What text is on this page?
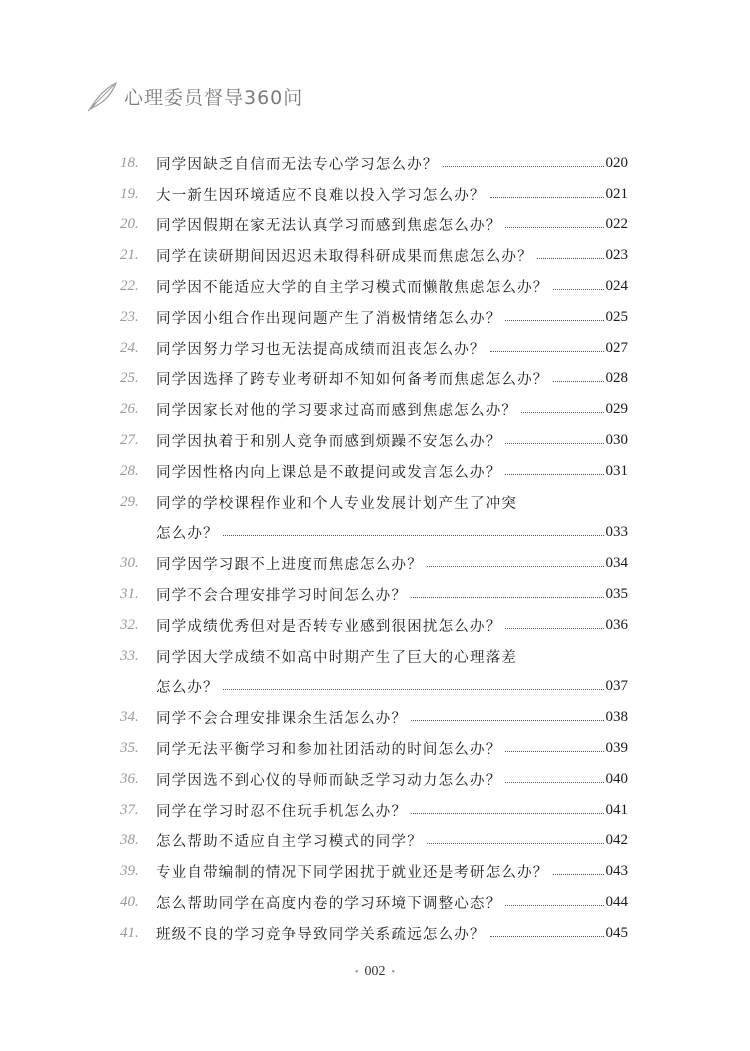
心理委员督导360问
18.	同学因缺乏自信而无法专心学习怎么办？	020
19.	大一新生因环境适应不良难以投入学习怎么办？	021
20.	同学因假期在家无法认真学习而感到焦虑怎么办？	022
21.	同学在读研期间因迟迟未取得科研成果而焦虑怎么办？	023
22.	同学因不能适应大学的自主学习模式而懒散焦虑怎么办？	024
23.	同学因小组合作出现问题产生了消极情绪怎么办？	025
24.	同学因努力学习也无法提高成绩而沮丧怎么办？	027
25.	同学因选择了跨专业考研却不知如何备考而焦虑怎么办？	028
26.	同学因家长对他的学习要求过高而感到焦虑怎么办？	029
27.	同学因执着于和别人竞争而感到烦躁不安怎么办？	030
28.	同学因性格内向上课总是不敢提问或发言怎么办？	031
29.	同学的学校课程作业和个人专业发展计划产生了冲突
怎么办？	033
30.	同学因学习跟不上进度而焦虑怎么办？	034
31.	同学不会合理安排学习时间怎么办？	035
32.	同学成绩优秀但对是否转专业感到很困扰怎么办？	036
33.	同学因大学成绩不如高中时期产生了巨大的心理落差
怎么办？	037
34.	同学不会合理安排课余生活怎么办？	038
35.	同学无法平衡学习和参加社团活动的时间怎么办？	039
36.	同学因选不到心仪的导师而缺乏学习动力怎么办？	040
37.	同学在学习时忍不住玩手机怎么办？	041
38.	怎么帮助不适应自主学习模式的同学？	042
39.	专业自带编制的情况下同学困扰于就业还是考研怎么办？	043
40.	怎么帮助同学在高度内卷的学习环境下调整心态？	044
41.	班级不良的学习竞争导致同学关系疏远怎么办？	045
• 002 •
